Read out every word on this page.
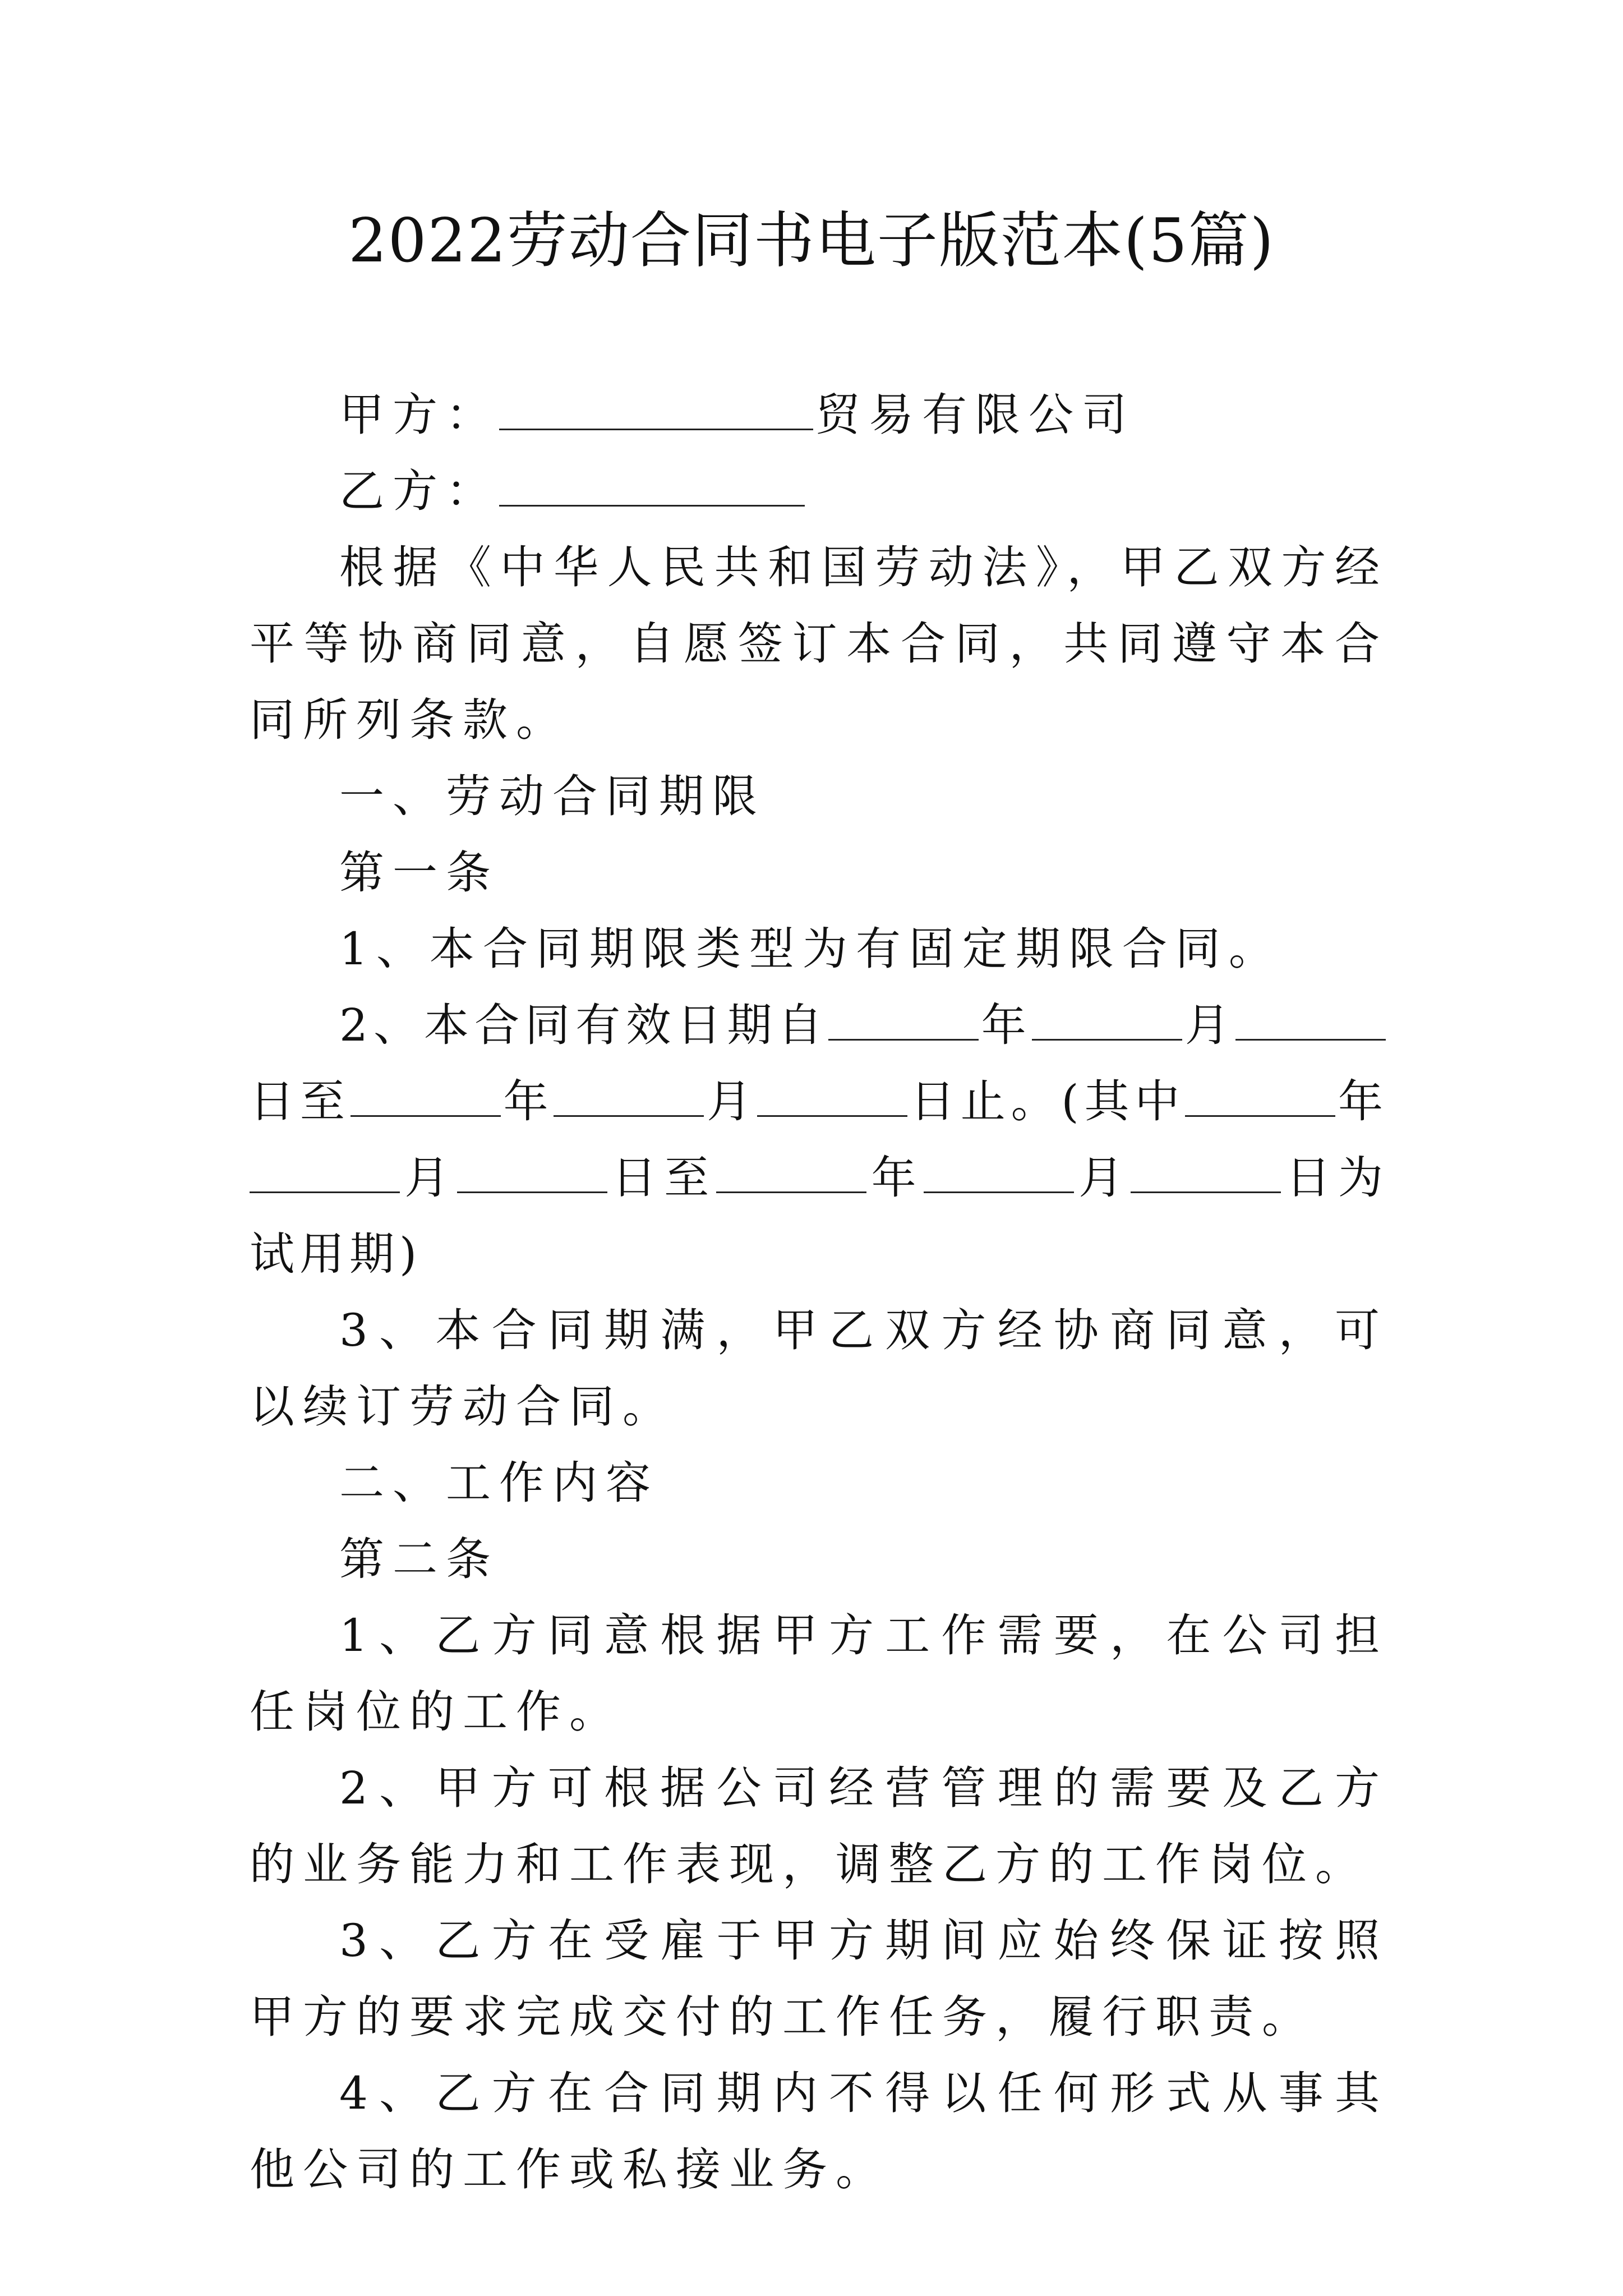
2022劳动合同书电子版范本(5篇)

甲方：	贸易有限公司

乙方：

根据《中华人民共和国劳动法》，甲乙双方经平等协商同意，自愿签订本合同，共同遵守本合同所列条款。

一、劳动合同期限

第一条

1、本合同期限类型为有固定期限合同。

2、本合同有效日期自	年	月日至	年	月	日止。(其中	年月	日至	年	月	日为试用期)

3、本合同期满，甲乙双方经协商同意，可以续订劳动合同。

二、工作内容

第二条

1、乙方同意根据甲方工作需要，在公司担任岗位的工作。

2、甲方可根据公司经营管理的需要及乙方的业务能力和工作表现，调整乙方的工作岗位。

3、乙方在受雇于甲方期间应始终保证按照甲方的要求完成交付的工作任务，履行职责。

4、乙方在合同期内不得以任何形式从事其他公司的工作或私接业务。
